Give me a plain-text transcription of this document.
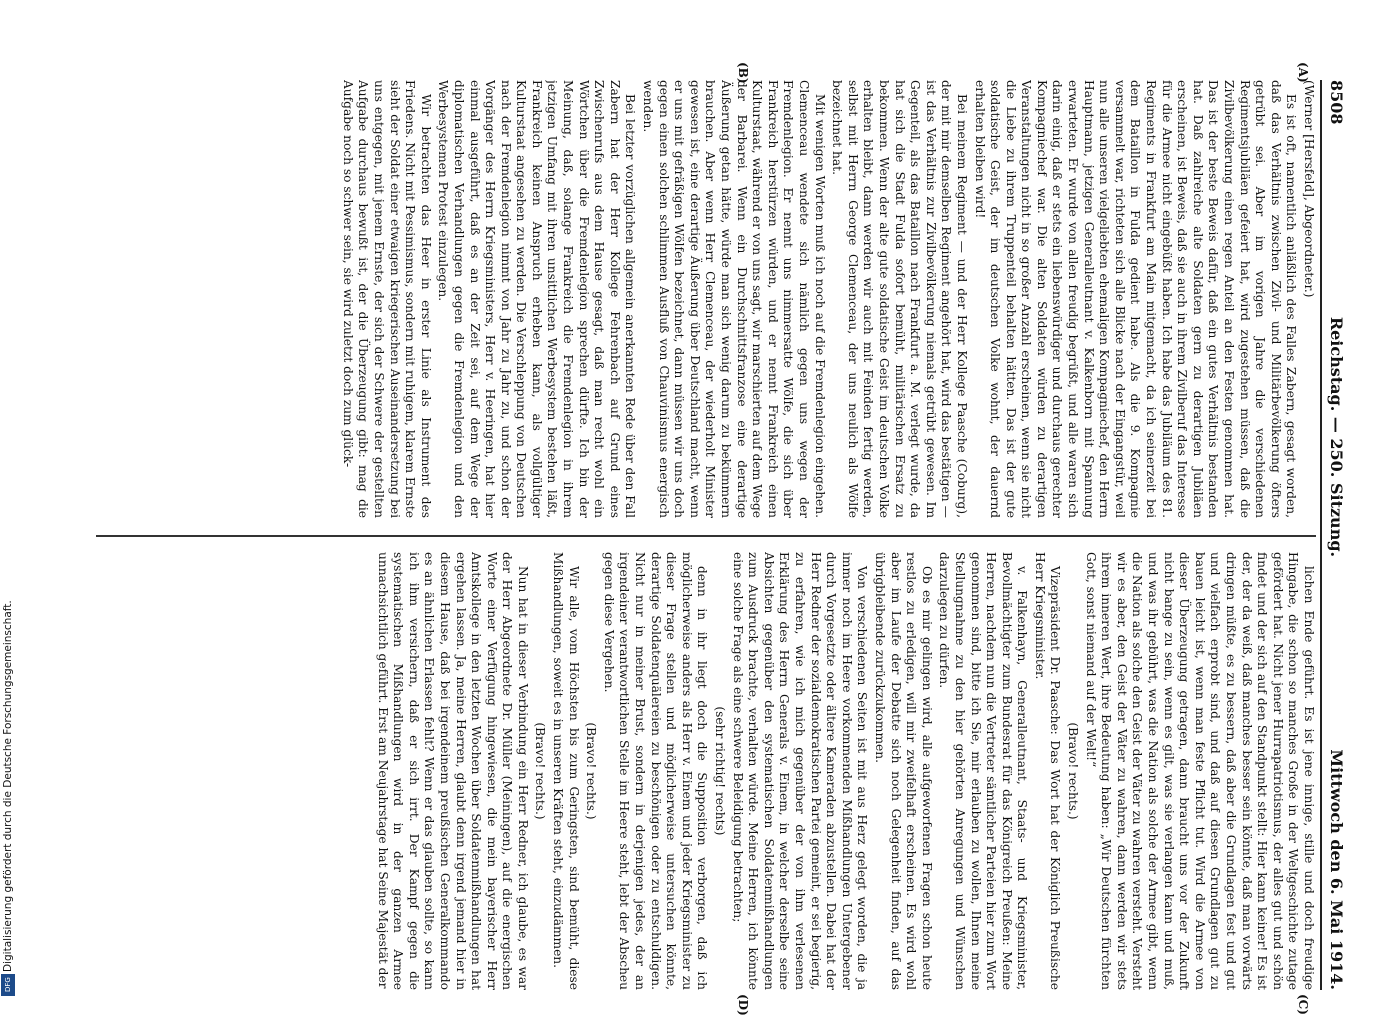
8508
Reichstag. — 250. Sitzung.
Mittwoch den 6. Mai 1914.

(Werner [Hersfeld], Abgeordneter.)

Es ist oft, namentlich anläßlich des Falles Zabern, gesagt worden, daß das Verhältnis zwischen Zivil- und Militärbevölkerung öfters getrübt sei. Aber im vorigen Jahre die verschiedenen Regimentsjubiläen gefeiert hat, wird zugestehen müssen, daß die Zivilbevölkerung einen regen Anteil an den Festen genommen hat. Das ist der beste Beweis dafür, daß ein gutes Verhältnis bestanden hat. Daß zahlreiche alte Soldaten gern zu derartigen Jubiläen erscheinen, ist Beweis, daß sie auch in ihrem Zivilberuf das Interesse für die Armee nicht eingebüßt haben. Ich habe das Jubiläum des 81. Regiments in Frankfurt am Main mitgemacht, da ich seinerzeit bei dem Bataillon in Fulda gedient habe. Als die 9. Kompagnie versammelt war, richteten sich alle Blicke nach der Eingangstür, weil nun alle unseren vielgeliebten ehemaligen Kompagniechef, den Herrn Hauptmann, jetzigen Generalleutnant v. Kalkenborn mit Spannung erwarteten. Er wurde von allen freudig begrüßt, und alle waren sich darin einig, daß er stets ein liebenswürdiger und durchaus gerechter Kompagniechef war. Die alten Soldaten würden zu derartigen Veranstaltungen nicht in so großer Anzahl erscheinen, wenn sie nicht die Liebe zu ihrem Truppenteil behalten hätten. Das ist der gute soldatische Geist, der im deutschen Volke wohnt, der dauernd erhalten bleiben wird!

Bei meinem Regiment — und der Herr Kollege Paasche (Coburg), der mit mir demselben Regiment angehört hat, wird das bestätigen — ist das Verhältnis zur Zivilbevölkerung niemals getrübt gewesen. Im Gegenteil, als das Bataillon nach Frankfurt a. M. verlegt wurde, da hat sich die Stadt Fulda sofort bemüht, militärischen Ersatz zu bekommen. Wenn der alte gute soldatische Geist im deutschen Volke erhalten bleibt, dann werden wir auch mit Feinden fertig werden, selbst mit Herrn George Clemenceau, der uns neulich als Wölfe bezeichnet hat.

Mit wenigen Worten muß ich noch auf die Fremdenlegion eingehen. Clemenceau wendete sich nämlich gegen uns wegen der Fremdenlegion. Er nennt uns nimmersatte Wölfe, die sich über Frankreich herstürzen würden, und er nennt Frankreich einen Kulturstaat, während er von uns sagt, wir marschierten auf dem Wege der Barbarei. Wenn ein Durchschnittsfranzose eine derartige Äußerung getan hätte, würde man sich wenig darum zu bekümmern brauchen. Aber wenn Herr Clemenceau, der wiederholt Minister gewesen ist, eine derartige Äußerung über Deutschland macht, wenn er uns mit gefräßigen Wölfen bezeichnet, dann müssen wir uns doch gegen einen solchen schlimmen Ausfluß von Chauvinismus energisch wenden.

Bei letzter vorzüglichen allgemein anerkannten Rede über den Fall Zabern hat der Herr Kollege Fehrenbach auf Grund eines Zwischenrufs aus dem Hause gesagt, daß man recht wohl ein Wörtchen über die Fremdenlegion sprechen dürfte. Ich bin der Meinung, daß, solange Frankreich die Fremdenlegion in ihrem jetzigen Umfang mit ihren unsittlichen Werbesystem bestehen läßt, Frankreich keinen Anspruch erheben kann, als vollgültiger Kulturstaat angesehen zu werden. Die Verschleppung von Deutschen nach der Fremdenlegion nimmt von Jahr zu Jahr zu, und schon der Vorgänger des Herrn Kriegsministers, Herr v. Heeringen, hat hier einmal ausgeführt, daß es an der Zeit sei, auf dem Wege der diplomatischen Verhandlungen gegen die Fremdenlegion und den Werbesystemen Protest einzulegen.

Wir betrachten das Heer in erster Linie als Instrument des Friedens. Nicht mit Pessimismus, sondern mit ruhigem, klarem Ernste sieht der Soldat einer etwaigen kriegerischen Auseinandersetzung bei uns entgegen, mit jenem Ernste, der sich der Schwere der gestellten Aufgabe durchaus bewußt ist, der die Überzeugung gibt: mag die Aufgabe noch so schwer sein, sie wird zuletzt doch zum glück-

lichen Ende geführt. Es ist jene innige, stille und doch freudige Hingabe, die schon so manches Große in der Weltgeschichte zutage gefördert hat. Nicht jener Hurrapatriotismus, der alles gut und schön findet und der sich auf den Standpunkt stellt: Hier kann keiner! Es ist der, der da weiß, daß manches besser sein könnte, daß man vorwärts dringen müßte, es zu bessern, daß aber die Grundlagen fest und gut und vielfach erprobt sind, und daß auf diesen Grundlagen gut zu bauen leicht ist, wenn man feste Pflicht tut. Wird die Armee von dieser Überzeugung getragen, dann braucht uns vor der Zukunft nicht bange zu sein, wenn es gilt, was sie verlangen kann und muß, und was ihr gebührt, was die Nation als solche der Armee gibt, wenn die Nation als solche den Geist der Väter zu wahren versteht. Versteht wir es aber, den Geist der Väter zu wahren, dann werden wir stets ihrem inneren Wert, ihre Bedeutung haben: „Wir Deutschen fürchten Gott, sonst niemand auf der Welt!“

(Bravo! rechts.)

Vizepräsident Dr. Paasche: Das Wort hat der Königlich Preußische Herr Kriegsminister.

v. Falkenhayn, Generalleutnant, Staats- und Kriegsminister, Bevollmächtigter zum Bundesrat für das Königreich Preußen: Meine Herren, nachdem nun die Vertreter sämtlicher Parteien hier zum Wort genommen sind, bitte ich Sie, mir erlauben zu wollen, Ihnen meine Stellungnahme zu den hier gehörten Anregungen und Wünschen darzulegen zu dürfen.

Ob es mir gelingen wird, alle aufgeworfenen Fragen schon heute restlos zu erledigen, will mir zweifelhaft erscheinen. Es wird wohl aber im Laufe der Debatte sich noch Gelegenheit finden, auf das übrigbleibende zurückzukommen.

Von verschiedenen Seiten ist mit aus Herz gelegt worden, die ja immer noch im Heere vorkommenden Mißhandlungen Untergebener durch Vorgesetzte oder ältere Kameraden abzustellen. Dabei hat der Herr Redner der sozialdemokratischen Partei gemeint, er sei begierig, zu erfahren, wie ich mich gegenüber der von ihm verlesenen Erklärung des Herrn Generals v. Einem, in welcher derselbe seine Absichten gegenüber den systematischen Soldatenmißhandlungen zum Ausdruck brachte, verhalten würde. Meine Herren, ich könnte eine solche Frage als eine schwere Beleidigung betrachten;

(sehr richtig! rechts)

denn in ihr liegt doch die Supposition verborgen, daß ich möglicherweise anders als Herr v. Einem und jeder Kriegsminister zu dieser Frage stellen und möglicherweise untersuchen könnte, derartige Soldatenquälereien zu beschönigen oder zu entschuldigen. Nicht nur in meiner Brust, sondern in derjenigen jedes, der an irgendeiner verantwortlichen Stelle im Heere steht, lebt der Abscheu gegen diese Vergehen.

(Bravo! rechts.)

Wir alle, vom Höchsten bis zum Geringsten, sind bemüht, diese Mißhandlungen, soweit es in unseren Kräften steht, einzudämmen.

(Bravo! rechts.)

Nun hat in dieser Verbindung ein Herr Redner, ich glaube, es war der Herr Abgeordnete Dr. Müller (Meiningen), auf die energischen Worte einer Verfügung hingewiesen, die mein bayerischer Herr Amtskollege in den letzten Wochen über Soldatenmißhandlungen hat ergehen lassen. Ja, meine Herren, glaubt denn irgend jemand hier in diesem Hause, daß bei irgendeinem preußischen Generalkommando es an ähnlichen Erlassen fehlt? Wenn er das glauben sollte, so kann ich ihm versichern, daß er sich irrt. Der Kampf gegen die systematischen Mißhandlungen wird in der ganzen Armee unnachsichtlich geführt. Erst am Neujahrstage hat Seine Majestät der

(A)
(B)
(C)
(D)
Digitalisierung gefördert durch die Deutsche Forschungsgemeinschaft.
DFG
